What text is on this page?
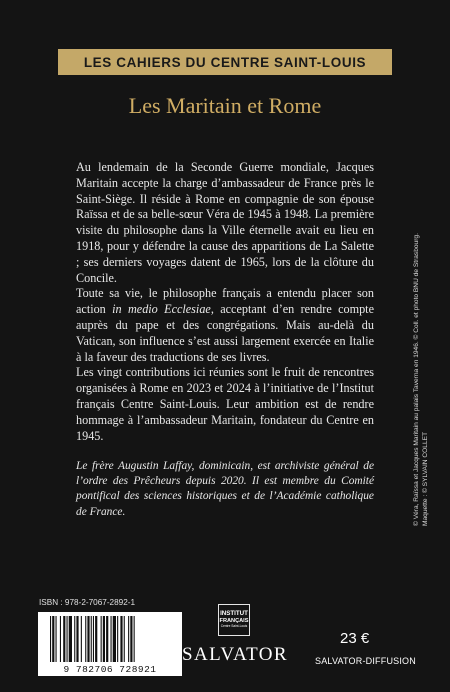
LES CAHIERS DU CENTRE SAINT-LOUIS
Les Maritain et Rome

Au lendemain de la Seconde Guerre mondiale, Jacques Maritain accepte la charge d’ambassadeur de France près le Saint-Siège. Il réside à Rome en compagnie de son épouse Raïssa et de sa belle-sœur Véra de 1945 à 1948. La première visite du philosophe dans la Ville éternelle avait eu lieu en 1918, pour y défendre la cause des apparitions de La Salette ; ses derniers voyages datent de 1965, lors de la clôture du Concile.

Toute sa vie, le philosophe français a entendu placer son action in medio Ecclesiae, acceptant d’en rendre compte auprès du pape et des congrégations. Mais au-delà du Vatican, son influence s’est aussi largement exercée en Italie à la faveur des traductions de ses livres.

Les vingt contributions ici réunies sont le fruit de rencontres organisées à Rome en 2023 et 2024 à l’initiative de l’Institut français Centre Saint-Louis. Leur ambition est de rendre hommage à l’ambassadeur Maritain, fondateur du Centre en 1945.

Le frère Augustin Laffay, dominicain, est archiviste général de l’ordre des Prêcheurs depuis 2020. Il est membre du Comité pontifical des sciences historiques et de l’Académie catholique de France.	© Véra, Raïssa et Jacques Maritain au palais Taverna en 1946. © Coll. et photo BNU de Strasbourg. Maquette : © SYLVAIN COLLET
ISBN : 978-2-7067-2892-1
9 782706 728921
INSTITUT
FRANÇAIS
Centre Saint-Louis
SALVATOR
23 €
SALVATOR-DIFFUSION
